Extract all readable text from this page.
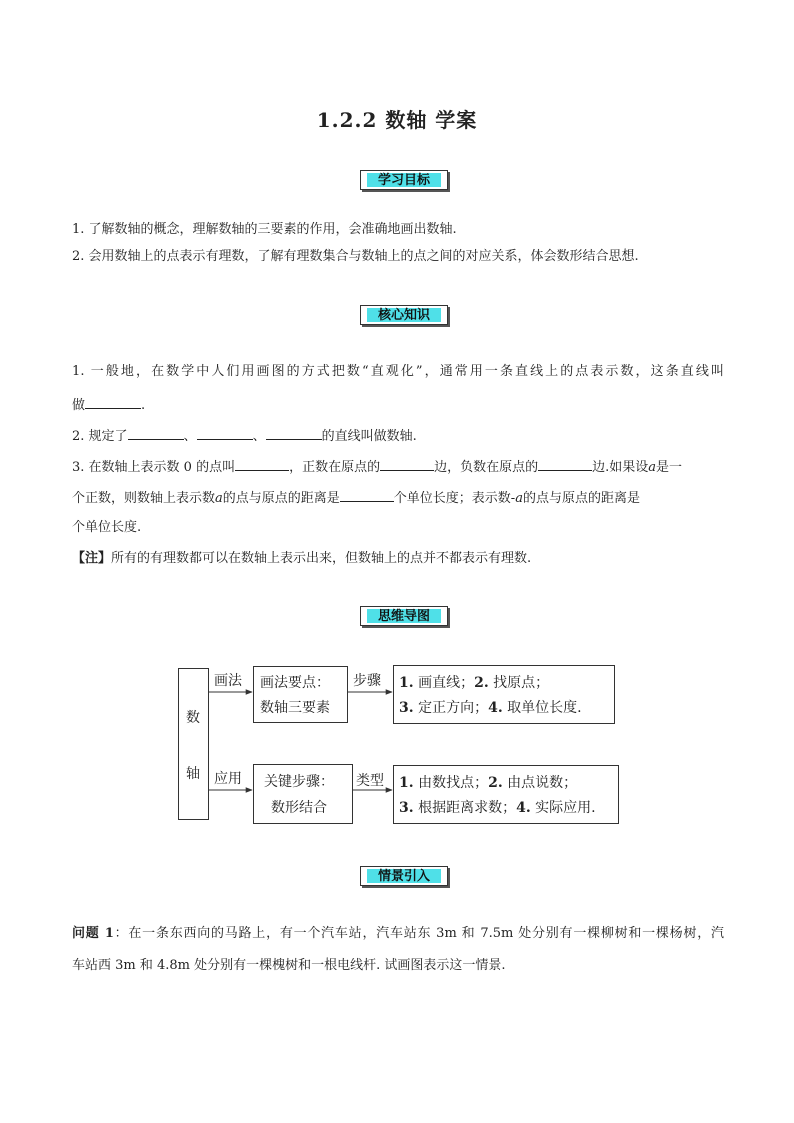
1.2.2 数轴 学案
学习目标
1. 了解数轴的概念，理解数轴的三要素的作用，会准确地画出数轴.
2. 会用数轴上的点表示有理数，了解有理数集合与数轴上的点之间的对应关系，体会数形结合思想.
核心知识
1. 一般地，在数学中人们用画图的方式把数“直观化”，通常用一条直线上的点表示数，这条直线叫
做	.
2. 规定了	、	、	的直线叫做数轴.
3. 在数轴上表示数 0 的点叫	，正数在原点的	边，负数在原点的	边.如果设a是一
个正数，则数轴上表示数a的点与原点的距离是	个单位长度；表示数-a的点与原点的距离是
个单位长度.
【注】所有的有理数都可以在数轴上表示出来，但数轴上的点并不都表示有理数.
思维导图
数
轴
画法
应用
步骤
类型
画法要点：
数轴三要素
1. 画直线；2. 找原点；
3. 定正方向；4. 取单位长度.
关键步骤：
数形结合
1. 由数找点；2. 由点说数；
3. 根据距离求数；4. 实际应用.
情景引入
问题 1：在一条东西向的马路上，有一个汽车站，汽车站东 3m 和 7.5m 处分别有一棵柳树和一棵杨树，汽
车站西 3m 和 4.8m 处分别有一棵槐树和一根电线杆. 试画图表示这一情景.
